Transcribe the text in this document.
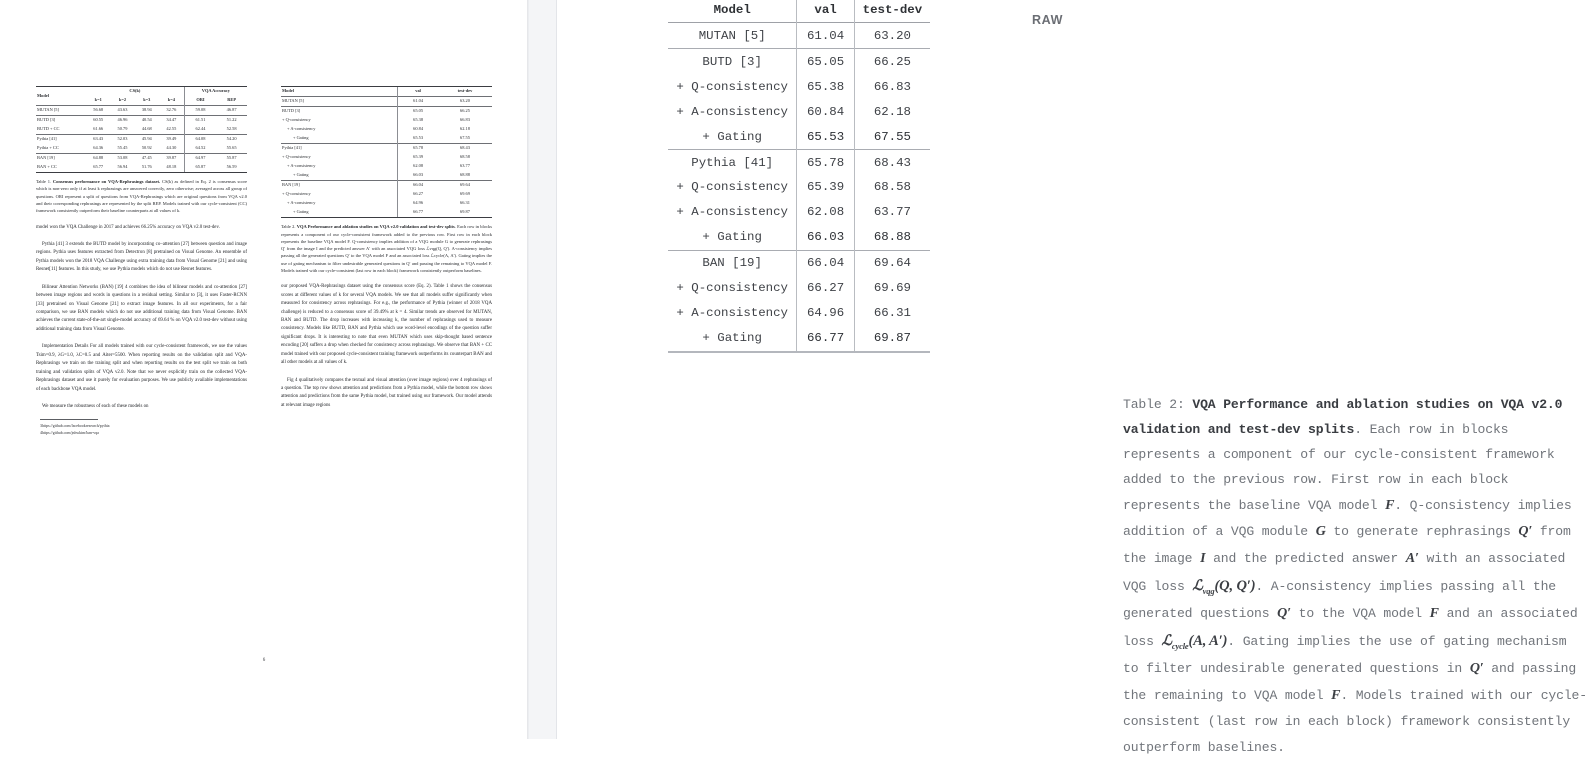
Model	CS(k)				VQA Accuracy	
	k=1	k=2	k=3	k=4	ORI	REP
MUTAN [5]	56.68	43.63	38.94	32.76	59.08	46.87
BUTD [3]	60.55	46.96	40.54	34.47	61.51	51.22
BUTD + CC	61.66	50.79	44.68	42.55	62.44	52.58
Pythia [41]	63.43	52.03	45.94	39.49	64.08	54.20
Pythia + CC	64.36	55.45	50.92	44.30	64.52	55.65
BAN [19]	64.88	53.08	47.45	39.87	64.97	55.87
BAN + CC	65.77	56.94	51.76	48.18	65.87	56.59
Table 1. Consensus performance on VQA-Rephrasings dataset. CS(k) as defined in Eq. 2 is consensus score which is non-zero only if at least k rephrasings are answered correctly, zero otherwise; averaged across all group of questions. ORI represent a split of questions from VQA-Rephrasings which are original questions from VQA v2.0 and their corresponding rephrasings are represented by the split REP. Models trained with our cycle-consistent (CC) framework consistently outperform their baseline counterparts at all values of k.
model won the VQA Challenge in 2017 and achieves 66.25% accuracy on VQA v2.0 test-dev.
Pythia [41] 3 extends the BUTD model by incorporating co–attention [27] between question and image regions. Pythia uses features extracted from Detectron [8] pretrained on Visual Genome. An ensemble of Pythia models won the 2018 VQA Challenge using extra training data from Visual Genome [21] and using Resnet[11] features. In this study, we use Pythia models which do not use Resnet features.
Bilinear Attention Networks (BAN) [19] 4 combines the idea of bilinear models and co-attention [27] between image regions and words in questions in a residual setting. Similar to [3], it uses Faster-RCNN [33] pretrained on Visual Genome [21] to extract image features. In all our experiments, for a fair comparison, we use BAN models which do not use additional training data from Visual Genome. BAN achieves the current state-of-the-art single-model accuracy of 69.64 % on VQA v2.0 test-dev without using additional training data from Visual Genome.
Implementation Details For all models trained with our cycle-consistent framework, we use the values Tsim=0.9, λG=1.0, λC=0.5 and Aiter=5500. When reporting results on the validation split and VQA-Rephrasings we train on the training split and when reporting results on the test split we train on both training and validation splits of VQA v2.0. Note that we never explicitly train on the collected VQA-Rephrasings dataset and use it purely for evaluation purposes. We use publicly available implementations of each backbone VQA model.
We measure the robustness of each of these models on
3https://github.com/facebookresearch/pythia
4https://github.com/jnhwkim/ban-vqa
Model	val	test-dev
MUTAN [5]	61.04	63.20
BUTD [3]	65.05	66.25
+ Q-consistency	65.38	66.83
+ A-consistency	60.84	62.18
+ Gating	65.53	67.55
Pythia [41]	65.78	68.43
+ Q-consistency	65.39	68.58
+ A-consistency	62.08	63.77
+ Gating	66.03	68.88
BAN [19]	66.04	69.64
+ Q-consistency	66.27	69.69
+ A-consistency	64.96	66.31
+ Gating	66.77	69.87
Table 2. VQA Performance and ablation studies on VQA v2.0 validation and test-dev splits. Each row in blocks represents a component of our cycle-consistent framework added to the previous row. First row in each block represents the baseline VQA model F. Q-consistency implies addition of a VQG module G to generate rephrasings Q′ from the image I and the predicted answer A′ with an associated VQG loss ℒvqg(Q, Q′). A-consistency implies passing all the generated questions Q′ to the VQA model F and an associated loss ℒcycle(A, A′). Gating implies the use of gating mechanism to filter undesirable generated questions in Q′ and passing the remaining to VQA model F. Models trained with our cycle-consistent (last row in each block) framework consistently outperform baselines.
our proposed VQA-Rephrasings dataset using the consensus score (Eq. 2). Table 1 shows the consensus scores at different values of k for several VQA models. We see that all models suffer significantly when measured for consistency across rephrasings. For e.g., the performance of Pythia (winner of 2018 VQA challenge) is reduced to a consensus score of 39.49% at k = 4. Similar trends are observed for MUTAN, BAN and BUTD. The drop increases with increasing k, the number of rephrasings used to measure consistency. Models like BUTD, BAN and Pythia which use word-level encodings of the question suffer significant drops. It is interesting to note that even MUTAN which uses skip-thought based sentence encoding [20] suffers a drop when checked for consistency across rephrasings. We observe that BAN + CC model trained with our proposed cycle-consistent training framework outperforms its counterpart BAN and all other models at all values of k.
Fig 4 qualitatively compares the textual and visual attention (over image regions) over 4 rephrasings of a question. The top row shows attention and predictions from a Pythia model, while the bottom row shows attention and predictions from the same Pythia model, but trained using our framework. Our model attends at relevant image regions
6
RAW
Model	val	test-dev
MUTAN [5]	61.04	63.20
BUTD [3]	65.05	66.25
+ Q-consistency	65.38	66.83
+ A-consistency	60.84	62.18
+ Gating	65.53	67.55
Pythia [41]	65.78	68.43
+ Q-consistency	65.39	68.58
+ A-consistency	62.08	63.77
+ Gating	66.03	68.88
BAN [19]	66.04	69.64
+ Q-consistency	66.27	69.69
+ A-consistency	64.96	66.31
+ Gating	66.77	69.87
Table 2: VQA Performance and ablation studies on VQA v2.0 validation and test-dev splits. Each row in blocks represents a component of our cycle-consistent framework added to the previous row. First row in each block represents the baseline VQA model F. Q-consistency implies addition of a VQG module G to generate rephrasings Q′ from the image I and the predicted answer A′ with an associated VQG loss ℒ$_{vqg}$(Q, Q′). A-consistency implies passing all the generated questions Q′ to the VQA model F and an associated loss ℒ$_{cycle}$(A, A′). Gating implies the use of gating mechanism to filter undesirable generated questions in Q′ and passing the remaining to VQA model F. Models trained with our cycle-consistent (last row in each block) framework consistently outperform baselines.
